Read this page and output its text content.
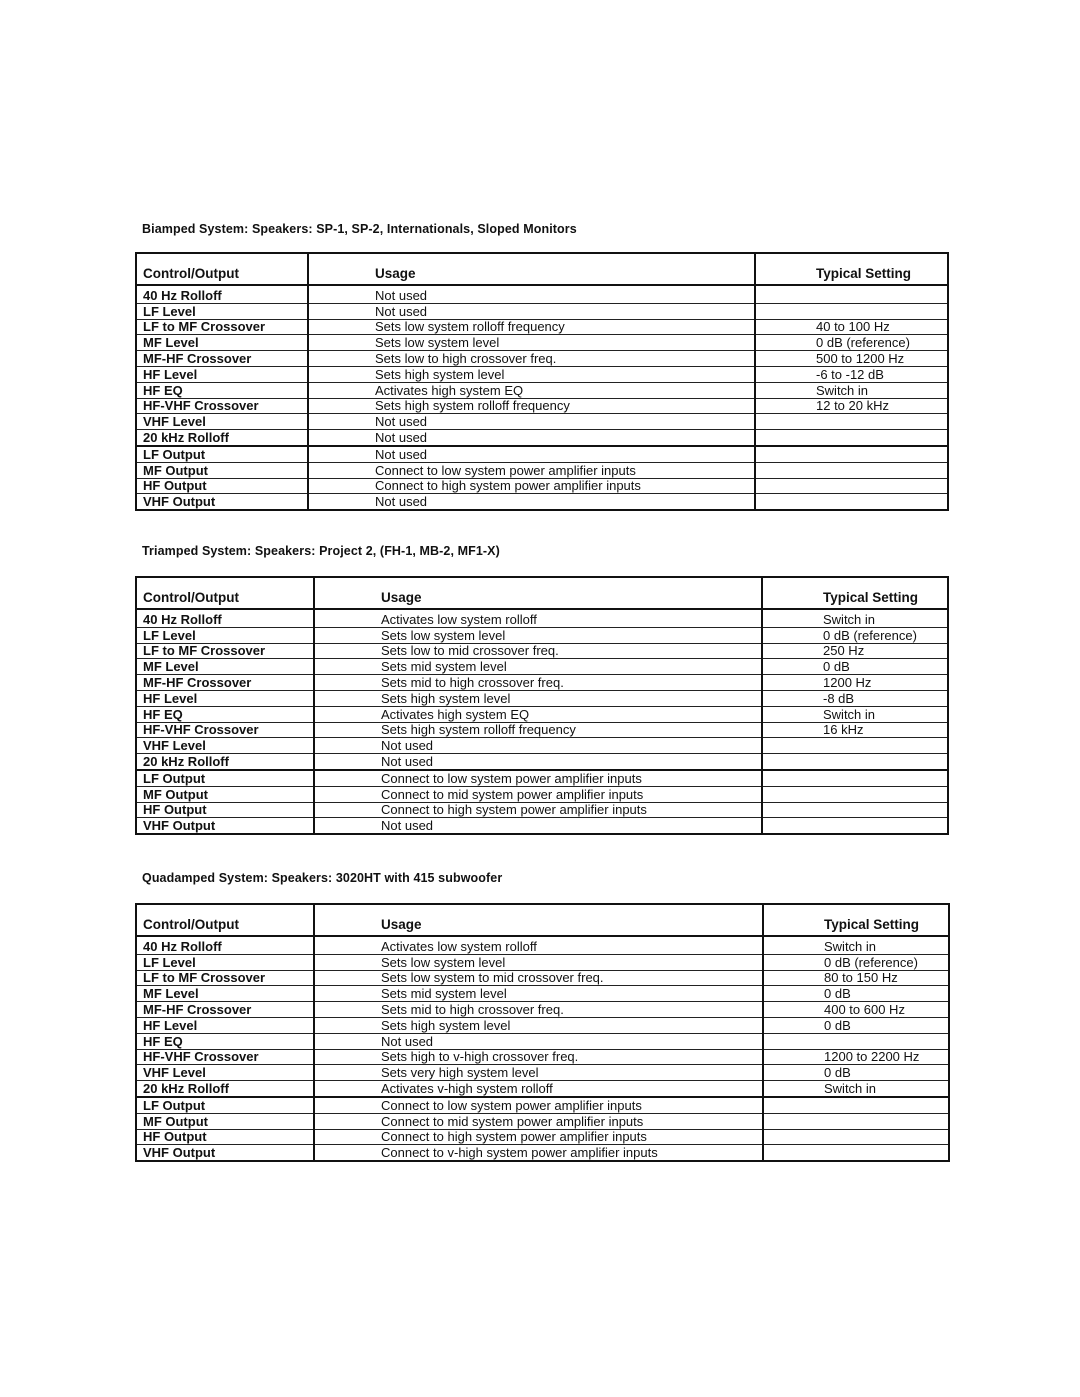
Biamped System: Speakers: SP-1, SP-2, Internationals, Sloped Monitors
Control/Output	Usage	Typical Setting
40 Hz Rolloff	Not used	
LF Level	Not used	
LF to MF Crossover	Sets low system rolloff frequency	40 to 100 Hz
MF Level	Sets low system level	0 dB (reference)
MF-HF Crossover	Sets low to high crossover freq.	500 to 1200 Hz
HF Level	Sets high system level	-6 to -12 dB
HF EQ	Activates high system EQ	Switch in
HF-VHF Crossover	Sets high system rolloff frequency	12 to 20 kHz
VHF Level	Not used	
20 kHz Rolloff	Not used	
LF Output	Not used	
MF Output	Connect to low system power amplifier inputs	
HF Output	Connect to high system power amplifier inputs	
VHF Output	Not used	
Triamped System: Speakers: Project 2, (FH-1, MB-2, MF1-X)
Control/Output	Usage	Typical Setting
40 Hz Rolloff	Activates low system rolloff	Switch in
LF Level	Sets low system level	0 dB (reference)
LF to MF Crossover	Sets low to mid crossover freq.	250 Hz
MF Level	Sets mid system level	0 dB
MF-HF Crossover	Sets mid to high crossover freq.	1200 Hz
HF Level	Sets high system level	-8 dB
HF EQ	Activates high system EQ	Switch in
HF-VHF Crossover	Sets high system rolloff frequency	16 kHz
VHF Level	Not used	
20 kHz Rolloff	Not used	
LF Output	Connect to low system power amplifier inputs	
MF Output	Connect to mid system power amplifier inputs	
HF Output	Connect to high system power amplifier inputs	
VHF Output	Not used	
Quadamped System: Speakers: 3020HT with 415 subwoofer
Control/Output	Usage	Typical Setting
40 Hz Rolloff	Activates low system rolloff	Switch in
LF Level	Sets low system level	0 dB (reference)
LF to MF Crossover	Sets low system to mid crossover freq.	80 to 150 Hz
MF Level	Sets mid system level	0 dB
MF-HF Crossover	Sets mid to high crossover freq.	400 to 600 Hz
HF Level	Sets high system level	0 dB
HF EQ	Not used	
HF-VHF Crossover	Sets high to v-high crossover freq.	1200 to 2200 Hz
VHF Level	Sets very high system level	0 dB
20 kHz Rolloff	Activates v-high system rolloff	Switch in
LF Output	Connect to low system power amplifier inputs	
MF Output	Connect to mid system power amplifier inputs	
HF Output	Connect to high system power amplifier inputs	
VHF Output	Connect to v-high system power amplifier inputs	
